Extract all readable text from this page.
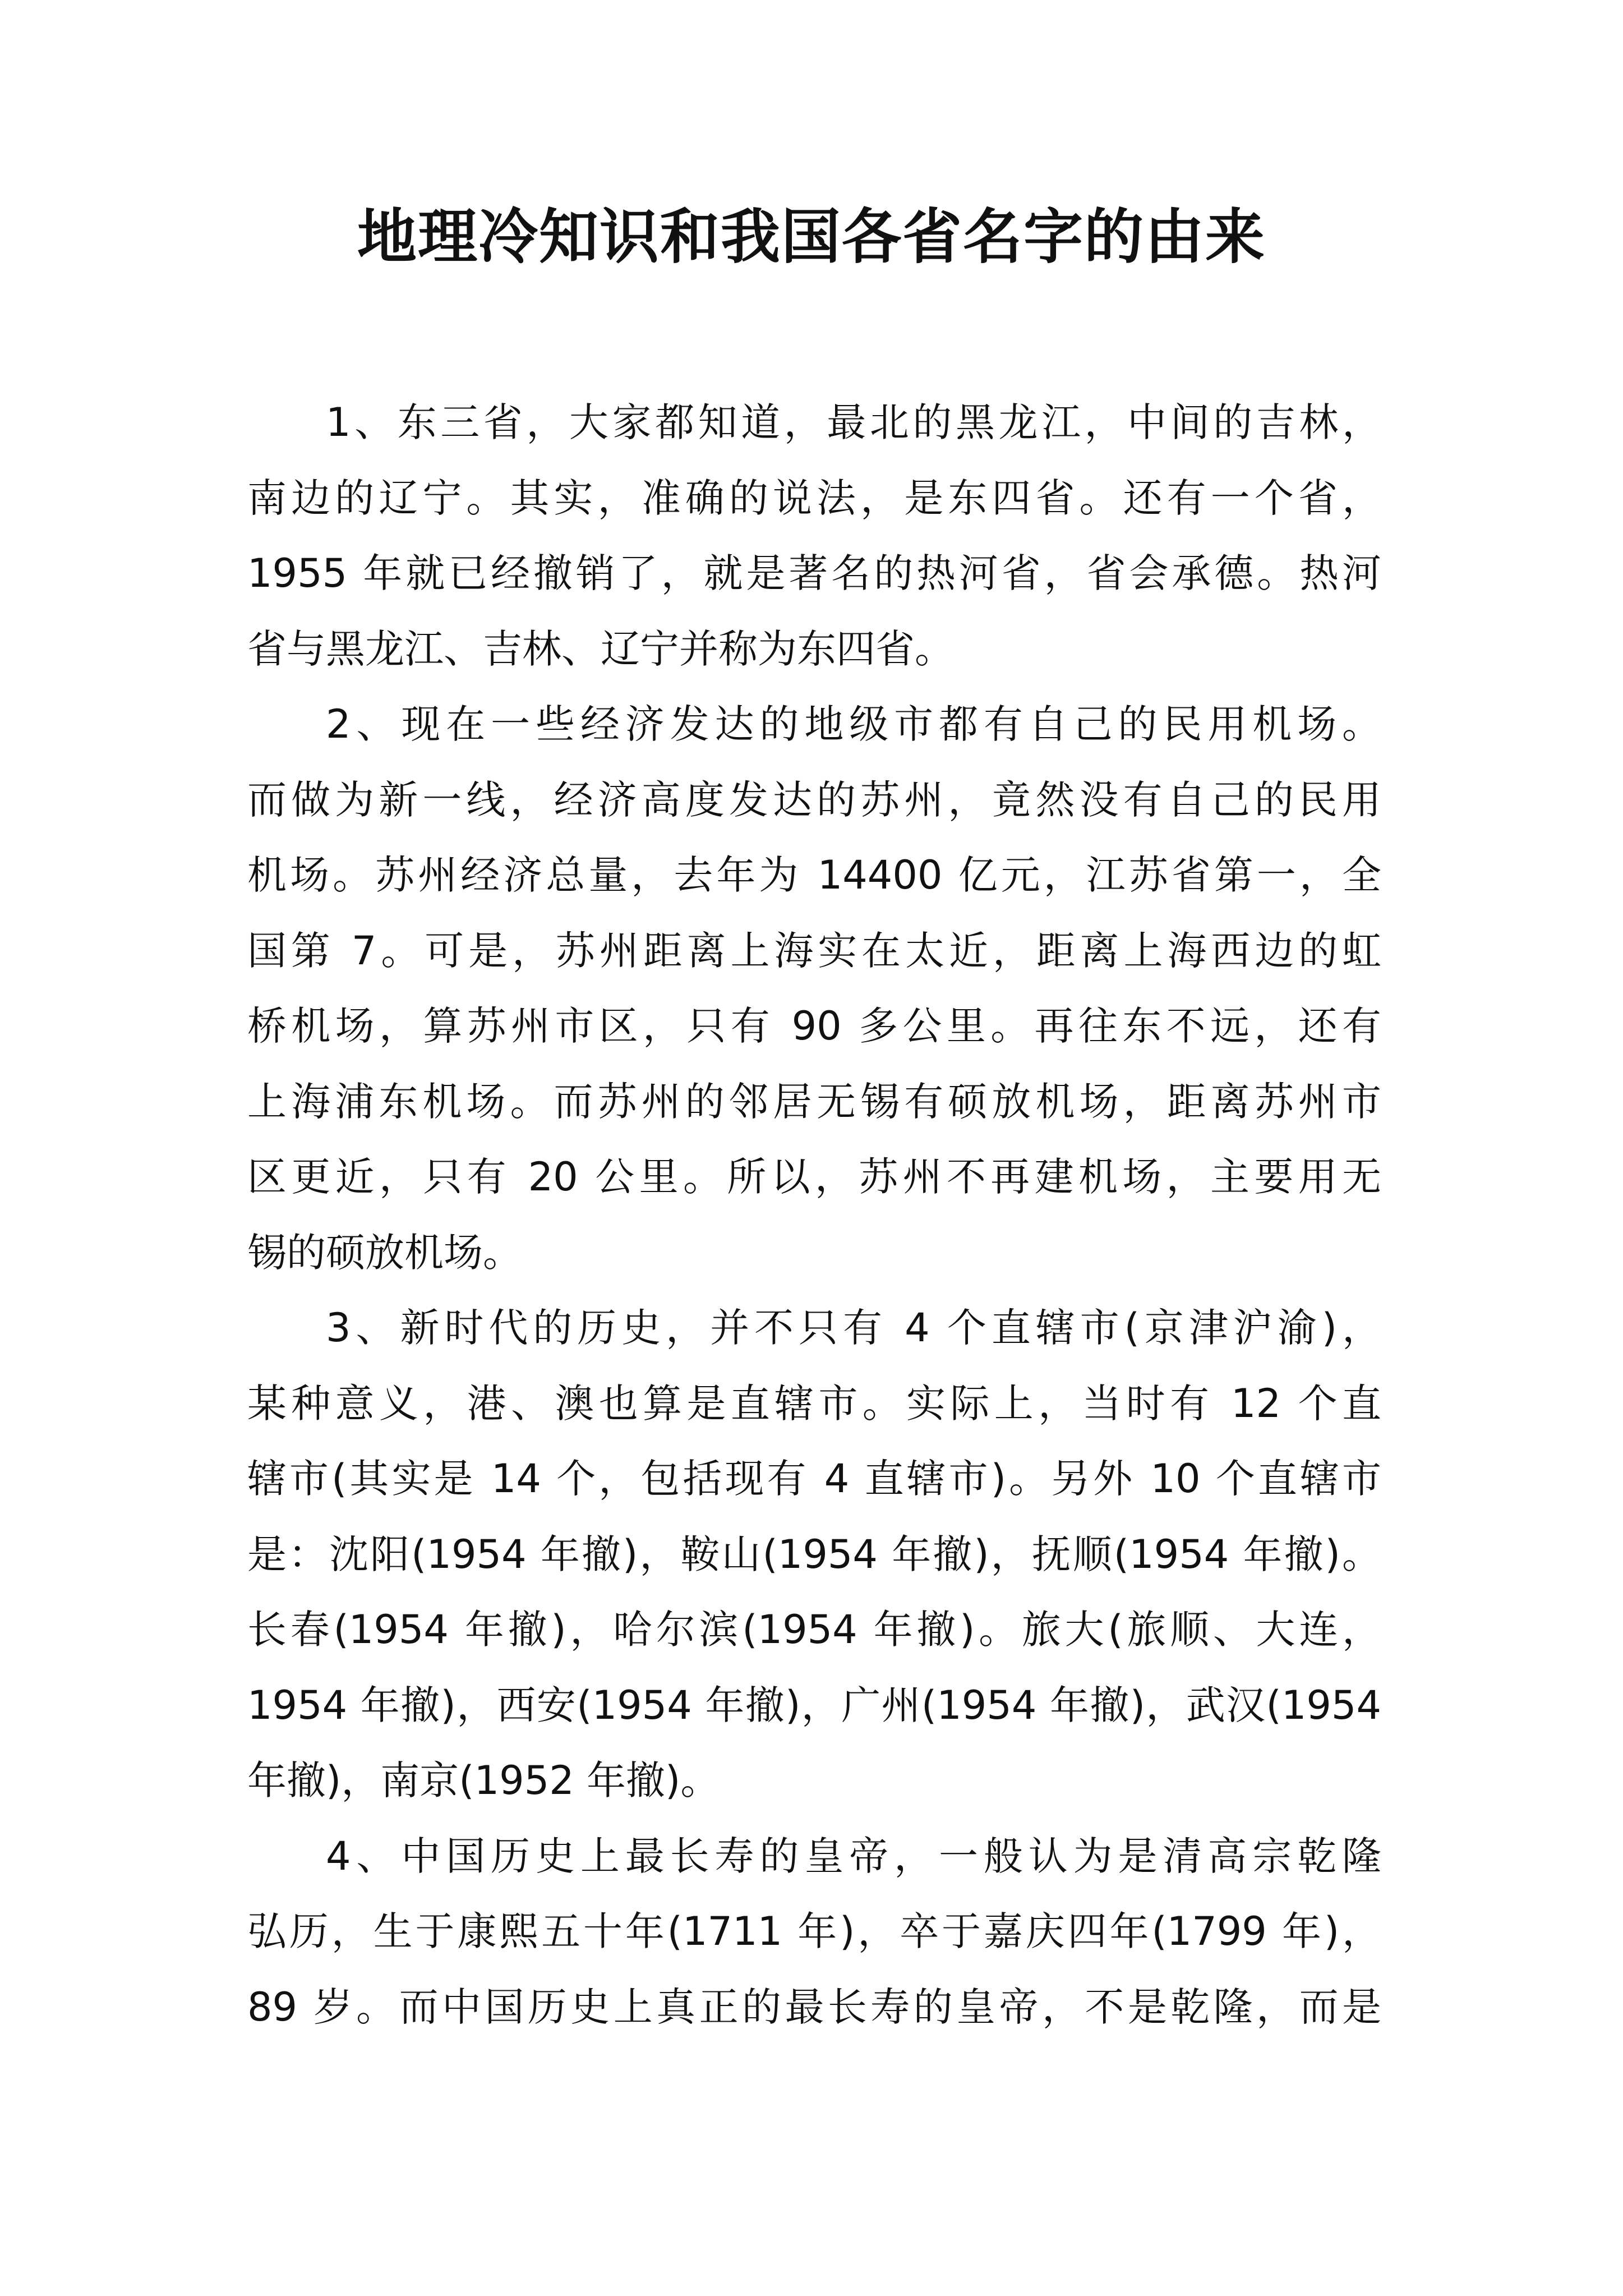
地理冷知识和我国各省名字的由来
1、东三省，大家都知道，最北的黑龙江，中间的吉林，
南边的辽宁。其实，准确的说法，是东四省。还有一个省，
1955 年就已经撤销了，就是著名的热河省，省会承德。热河
省与黑龙江、吉林、辽宁并称为东四省。
2、现在一些经济发达的地级市都有自己的民用机场。
而做为新一线，经济高度发达的苏州，竟然没有自己的民用
机场。苏州经济总量，去年为 14400 亿元，江苏省第一，全
国第 7。可是，苏州距离上海实在太近，距离上海西边的虹
桥机场，算苏州市区，只有 90 多公里。再往东不远，还有
上海浦东机场。而苏州的邻居无锡有硕放机场，距离苏州市
区更近，只有 20 公里。所以，苏州不再建机场，主要用无
锡的硕放机场。
3、新时代的历史，并不只有 4 个直辖市(京津沪渝)，
某种意义，港、澳也算是直辖市。实际上，当时有 12 个直
辖市(其实是 14 个，包括现有 4 直辖市)。另外 10 个直辖市
是：沈阳(1954 年撤)，鞍山(1954 年撤)，抚顺(1954 年撤)。
长春(1954 年撤)，哈尔滨(1954 年撤)。旅大(旅顺、大连，
1954 年撤)，西安(1954 年撤)，广州(1954 年撤)，武汉(1954
年撤)，南京(1952 年撤)。
4、中国历史上最长寿的皇帝，一般认为是清高宗乾隆
弘历，生于康熙五十年(1711 年)，卒于嘉庆四年(1799 年)，
89 岁。而中国历史上真正的最长寿的皇帝，不是乾隆，而是
